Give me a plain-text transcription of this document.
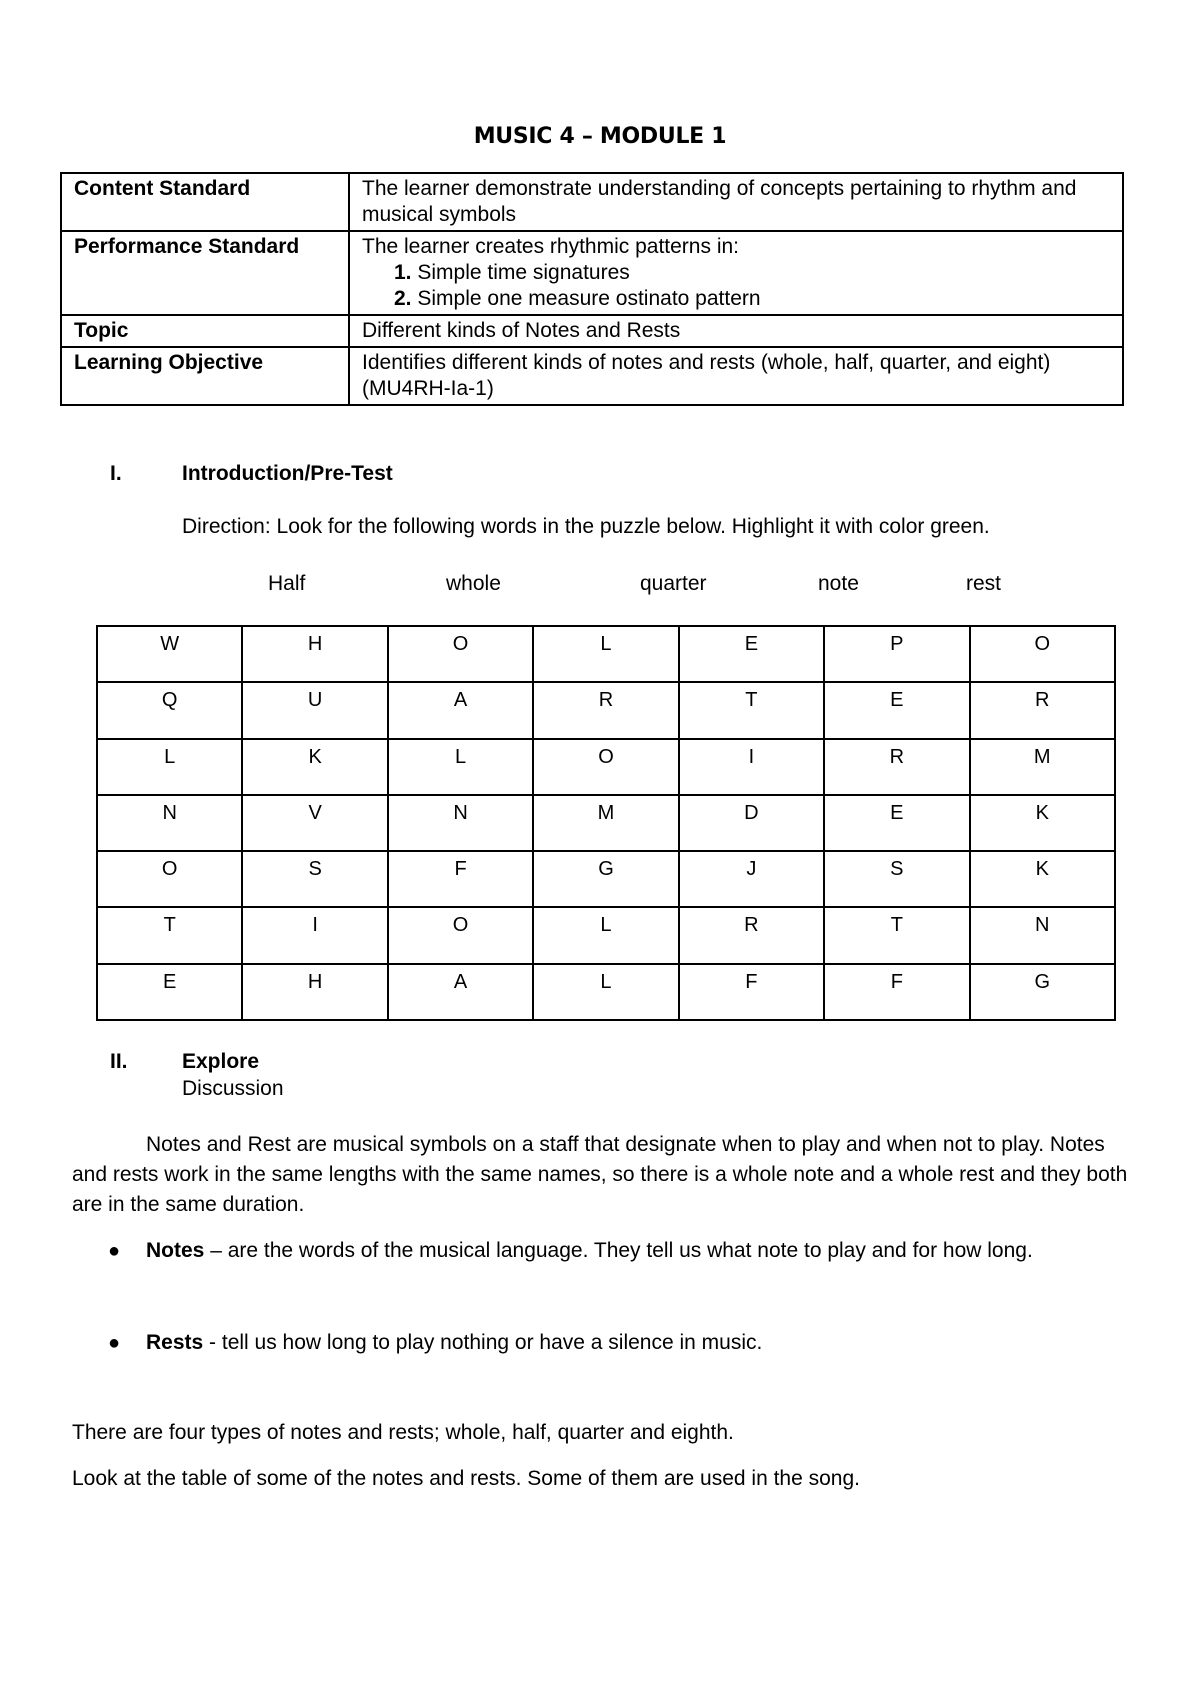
MUSIC 4 – MODULE 1
Content Standard	The learner demonstrate understanding of concepts pertaining to rhythm and musical symbols
Performance Standard	The learner creates rhythmic patterns in:
1. Simple time signatures
2. Simple one measure ostinato pattern

Topic	Different kinds of Notes and Rests
Learning Objective	Identifies different kinds of notes and rests (whole, half, quarter, and eight)
(MU4RH-Ia-1)
I.	Introduction/Pre-Test
Direction: Look for the following words in the puzzle below. Highlight it with color green.
Half	whole	quarter	note	rest
W	H	O	L	E	P	O
Q	U	A	R	T	E	R
L	K	L	O	I	R	M
N	V	N	M	D	E	K
O	S	F	G	J	S	K
T	I	O	L	R	T	N
E	H	A	L	F	F	G
II.	Explore
Discussion
Notes and Rest are musical symbols on a staff that designate when to play and when not to play. Notes and rests work in the same lengths with the same names, so there is a whole note and a whole rest and they both are in the same duration.
● Notes – are the words of the musical language. They tell us what note to play and for how long.
● Rests - tell us how long to play nothing or have a silence in music.
There are four types of notes and rests; whole, half, quarter and eighth.
Look at the table of some of the notes and rests. Some of them are used in the song.
